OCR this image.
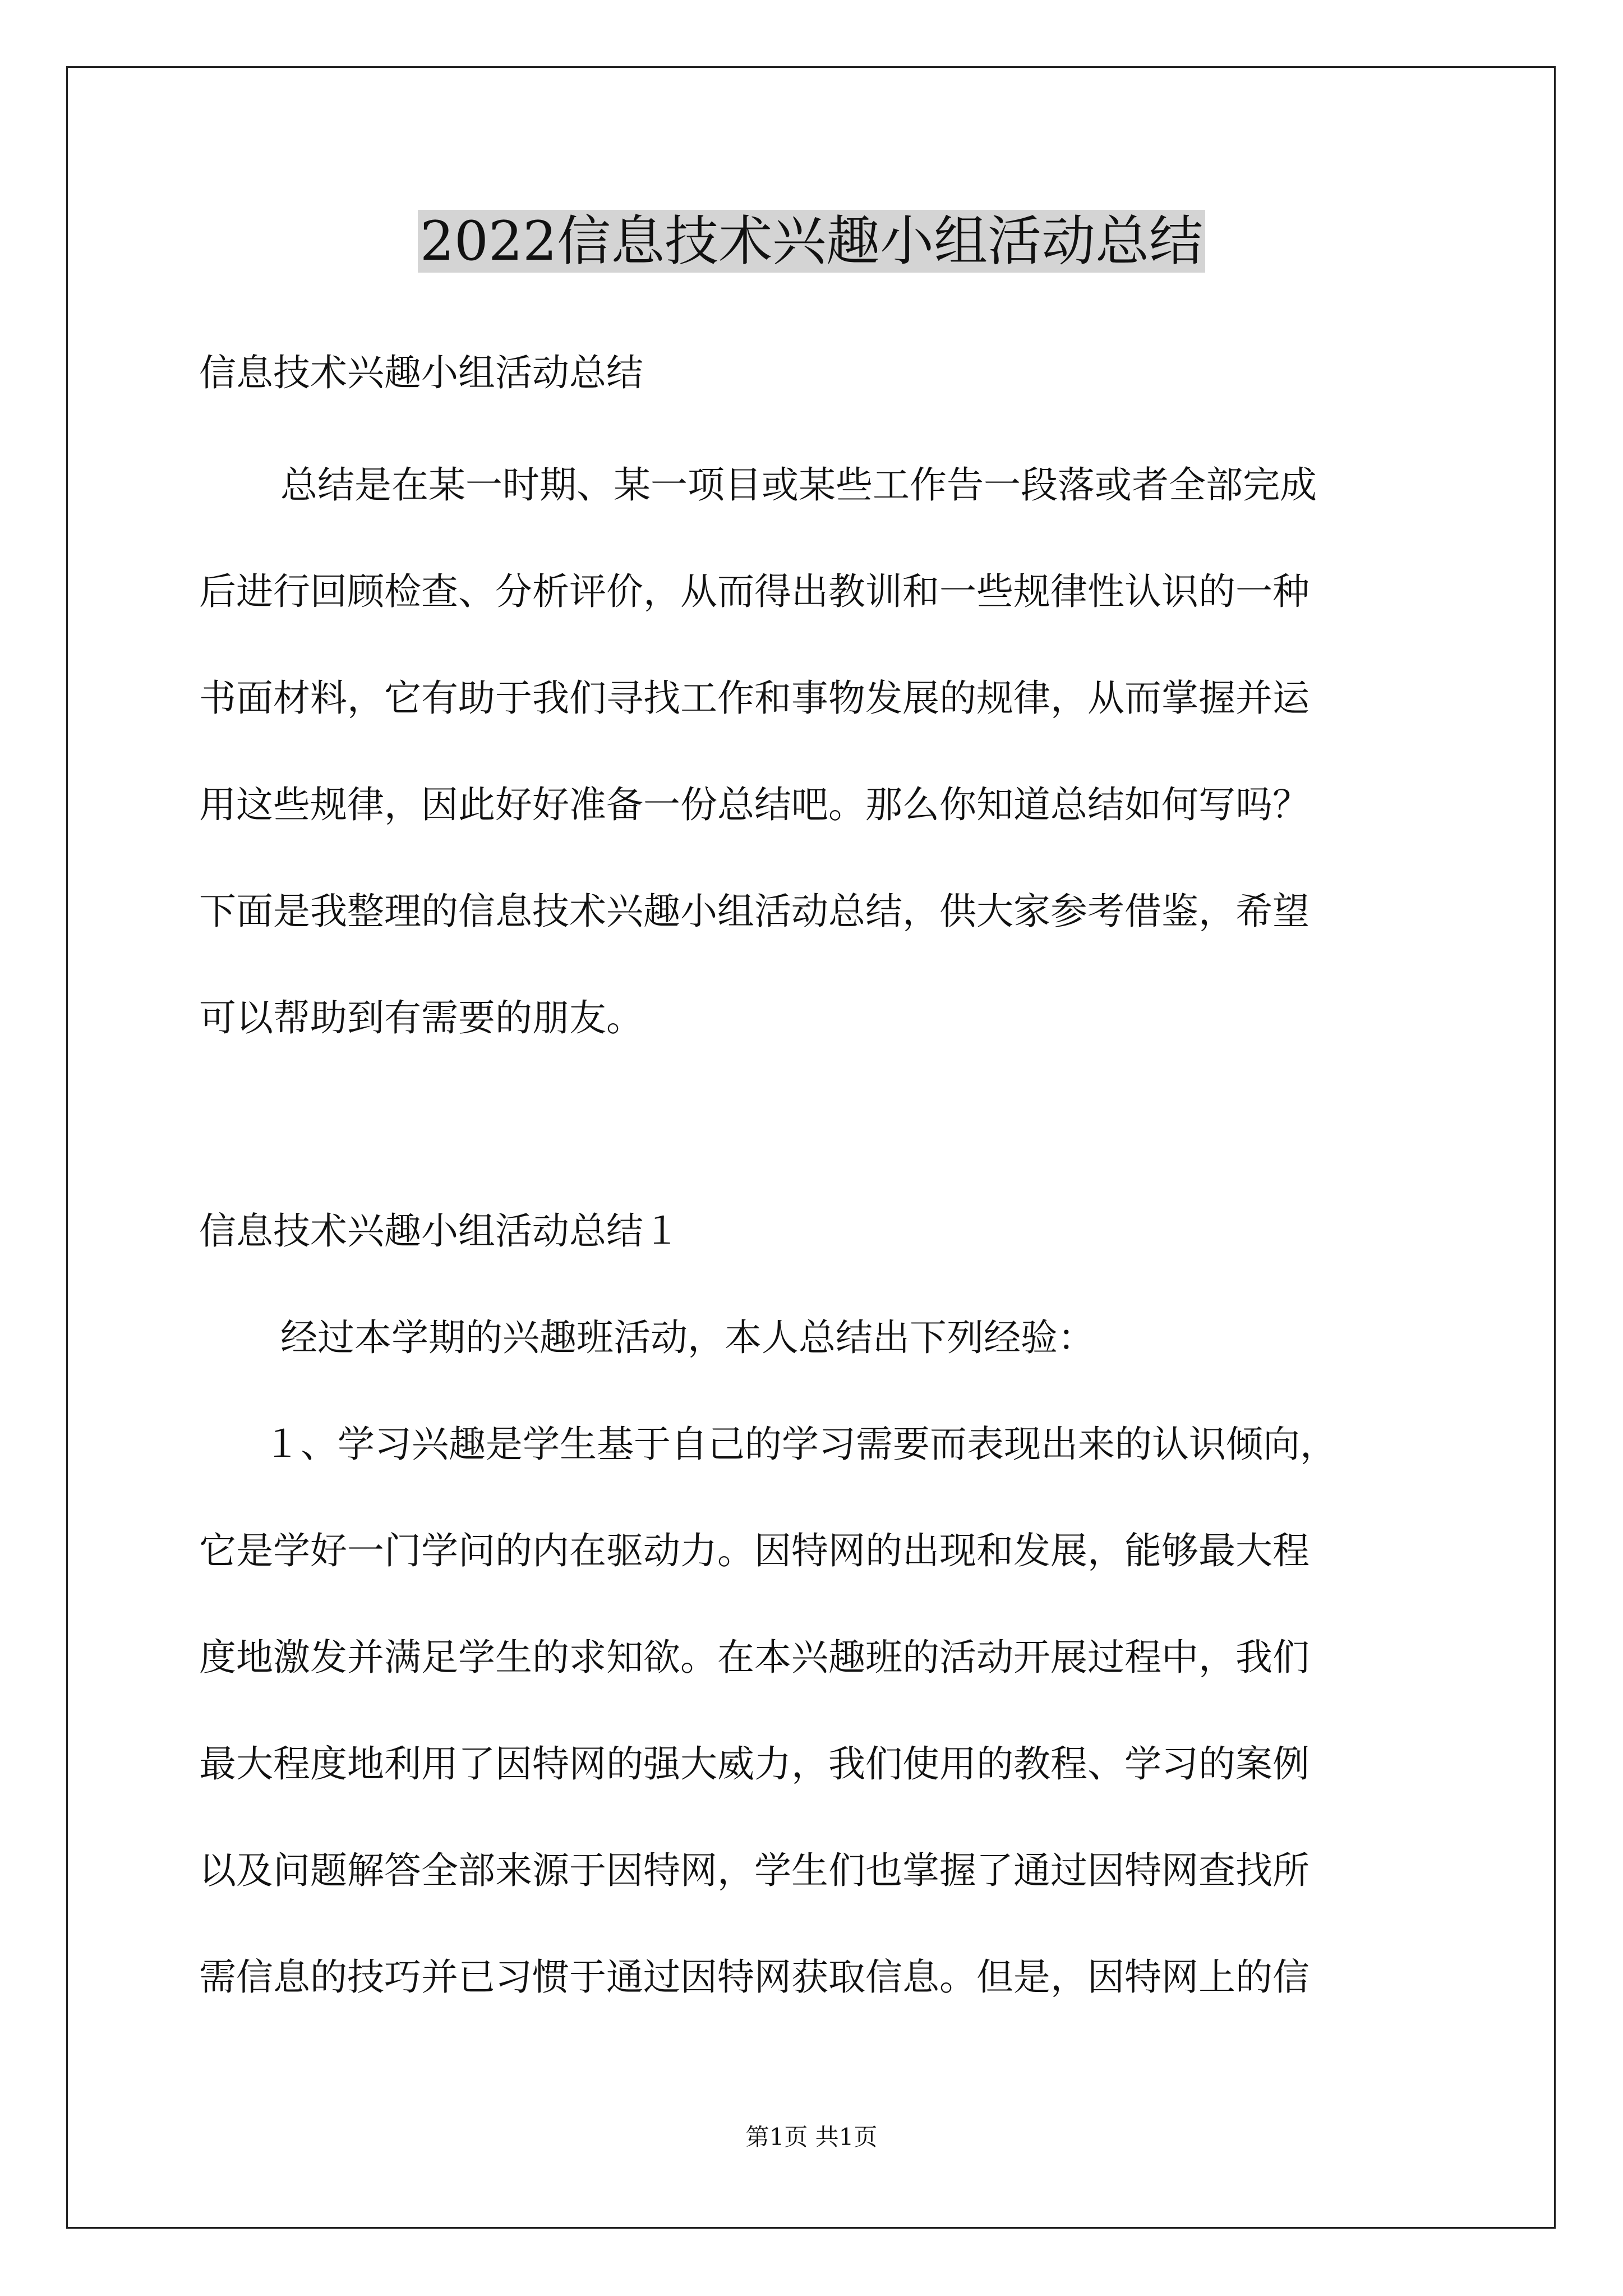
2022信息技术兴趣小组活动总结

信息技术兴趣小组活动总结

总结是在某一时期、某一项目或某些工作告一段落或者全部完成

后进行回顾检查、分析评价，从而得出教训和一些规律性认识的一种

书面材料，它有助于我们寻找工作和事物发展的规律，从而掌握并运

用这些规律，因此好好准备一份总结吧。那么你知道总结如何写吗？

下面是我整理的信息技术兴趣小组活动总结，供大家参考借鉴，希望

可以帮助到有需要的朋友。

信息技术兴趣小组活动总结１

经过本学期的兴趣班活动，本人总结出下列经验：

１、学习兴趣是学生基于自己的学习需要而表现出来的认识倾向，

它是学好一门学问的内在驱动力。因特网的出现和发展，能够最大程

度地激发并满足学生的求知欲。在本兴趣班的活动开展过程中，我们

最大程度地利用了因特网的强大威力，我们使用的教程、学习的案例

以及问题解答全部来源于因特网，学生们也掌握了通过因特网查找所

需信息的技巧并已习惯于通过因特网获取信息。但是，因特网上的信

第1页 共1页
